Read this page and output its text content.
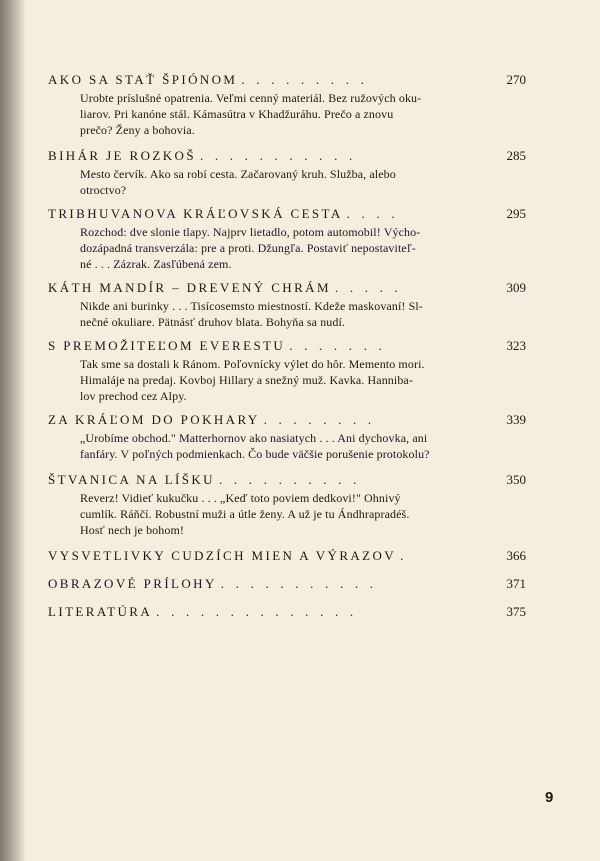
AKO SA STAŤ ŠPIÓNOM . . . . . . . . .	270
Urobte príslušné opatrenia. Veľmi cenný materiál. Bez ružových oku-
liarov. Pri kanóne stál. Kámasútra v Khadžuráhu. Prečo a znovu
prečo? Ženy a bohovia.
BIHÁR JE ROZKOŠ . . . . . . . . . . .	285
Mesto červík. Ako sa robí cesta. Začarovaný kruh. Služba, alebo
otroctvo?
TRIBHUVANOVA KRÁĽOVSKÁ CESTA . . . .	295
Rozchod: dve slonie tlapy. Najprv lietadlo, potom automobil! Výcho-
dozápadná transverzála: pre a proti. Džungľa. Postaviť nepostaviteľ-
né . . . Zázrak. Zasľúbená zem.
KÁTH MANDÍR – DREVENÝ CHRÁM . . . . .	309
Nikde ani burinky . . . Tisícosemsto miestností. Kdeže maskovaní! Sl-
nečné okuliare. Pätnásť druhov blata. Bohyňa sa nudí.
S PREMOŽITEĽOM EVERESTU . . . . . . .	323
Tak sme sa dostali k Ránom. Poľovnícky výlet do hôr. Memento mori.
Himaláje na predaj. Kovboj Hillary a snežný muž. Kavka. Hanniba-
lov prechod cez Alpy.
ZA KRÁĽOM DO POKHARY . . . . . . . .	339
„Urobíme obchod." Matterhornov ako nasiatych . . . Ani dychovka, ani
fanfáry. V poľných podmienkach. Čo bude väčšie porušenie protokolu?
ŠTVANICA NA LÍŠKU . . . . . . . . . .	350
Reverz! Vidieť kukučku . . . „Keď toto poviem dedkovi!" Ohnivý
cumlík. Ráňčí. Robustní muži a útle ženy. A už je tu Ándhrapradéš.
Hosť nech je bohom!
VYSVETLIVKY CUDZÍCH MIEN A VÝRAZOV .	366
OBRAZOVÉ PRÍLOHY . . . . . . . . . . .	371
LITERATÚRA . . . . . . . . . . . . . .	375
9
